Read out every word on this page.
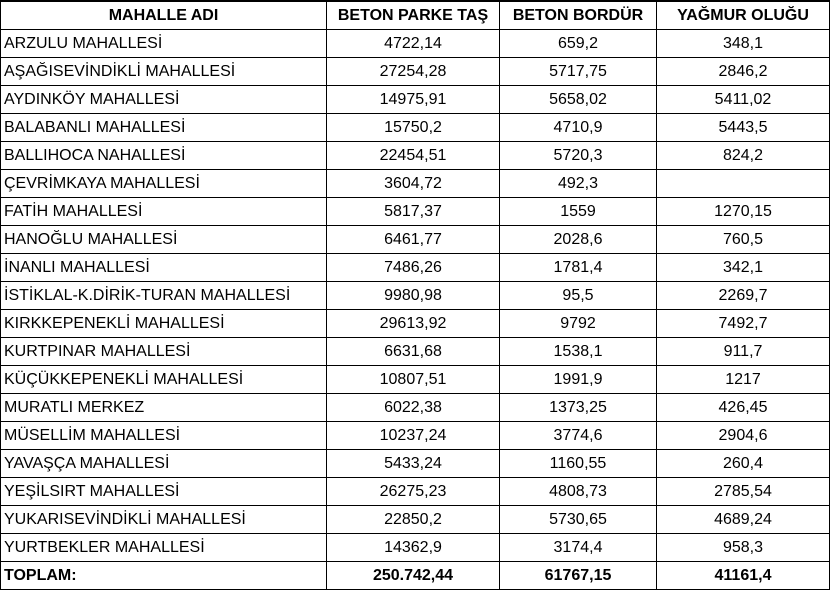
MAHALLE ADI	BETON PARKE TAŞ	BETON BORDÜR	YAĞMUR OLUĞU
ARZULU MAHALLESİ	4722,14	659,2	348,1
AŞAĞISEVİNDİKLİ MAHALLESİ	27254,28	5717,75	2846,2
AYDINKÖY MAHALLESİ	14975,91	5658,02	5411,02
BALABANLI MAHALLESİ	15750,2	4710,9	5443,5
BALLIHOCA NAHALLESİ	22454,51	5720,3	824,2
ÇEVRİMKAYA MAHALLESİ	3604,72	492,3	
FATİH MAHALLESİ	5817,37	1559	1270,15
HANOĞLU MAHALLESİ	6461,77	2028,6	760,5
İNANLI MAHALLESİ	7486,26	1781,4	342,1
İSTİKLAL-K.DİRİK-TURAN MAHALLESİ	9980,98	95,5	2269,7
KIRKKEPENEKLİ MAHALLESİ	29613,92	9792	7492,7
KURTPINAR MAHALLESİ	6631,68	1538,1	911,7
KÜÇÜKKEPENEKLİ MAHALLESİ	10807,51	1991,9	1217
MURATLI MERKEZ	6022,38	1373,25	426,45
MÜSELLİM MAHALLESİ	10237,24	3774,6	2904,6
YAVAŞÇA MAHALLESİ	5433,24	1160,55	260,4
YEŞİLSIRT MAHALLESİ	26275,23	4808,73	2785,54
YUKARISEVİNDİKLİ MAHALLESİ	22850,2	5730,65	4689,24
YURTBEKLER MAHALLESİ	14362,9	3174,4	958,3
TOPLAM:	250.742,44	61767,15	41161,4
